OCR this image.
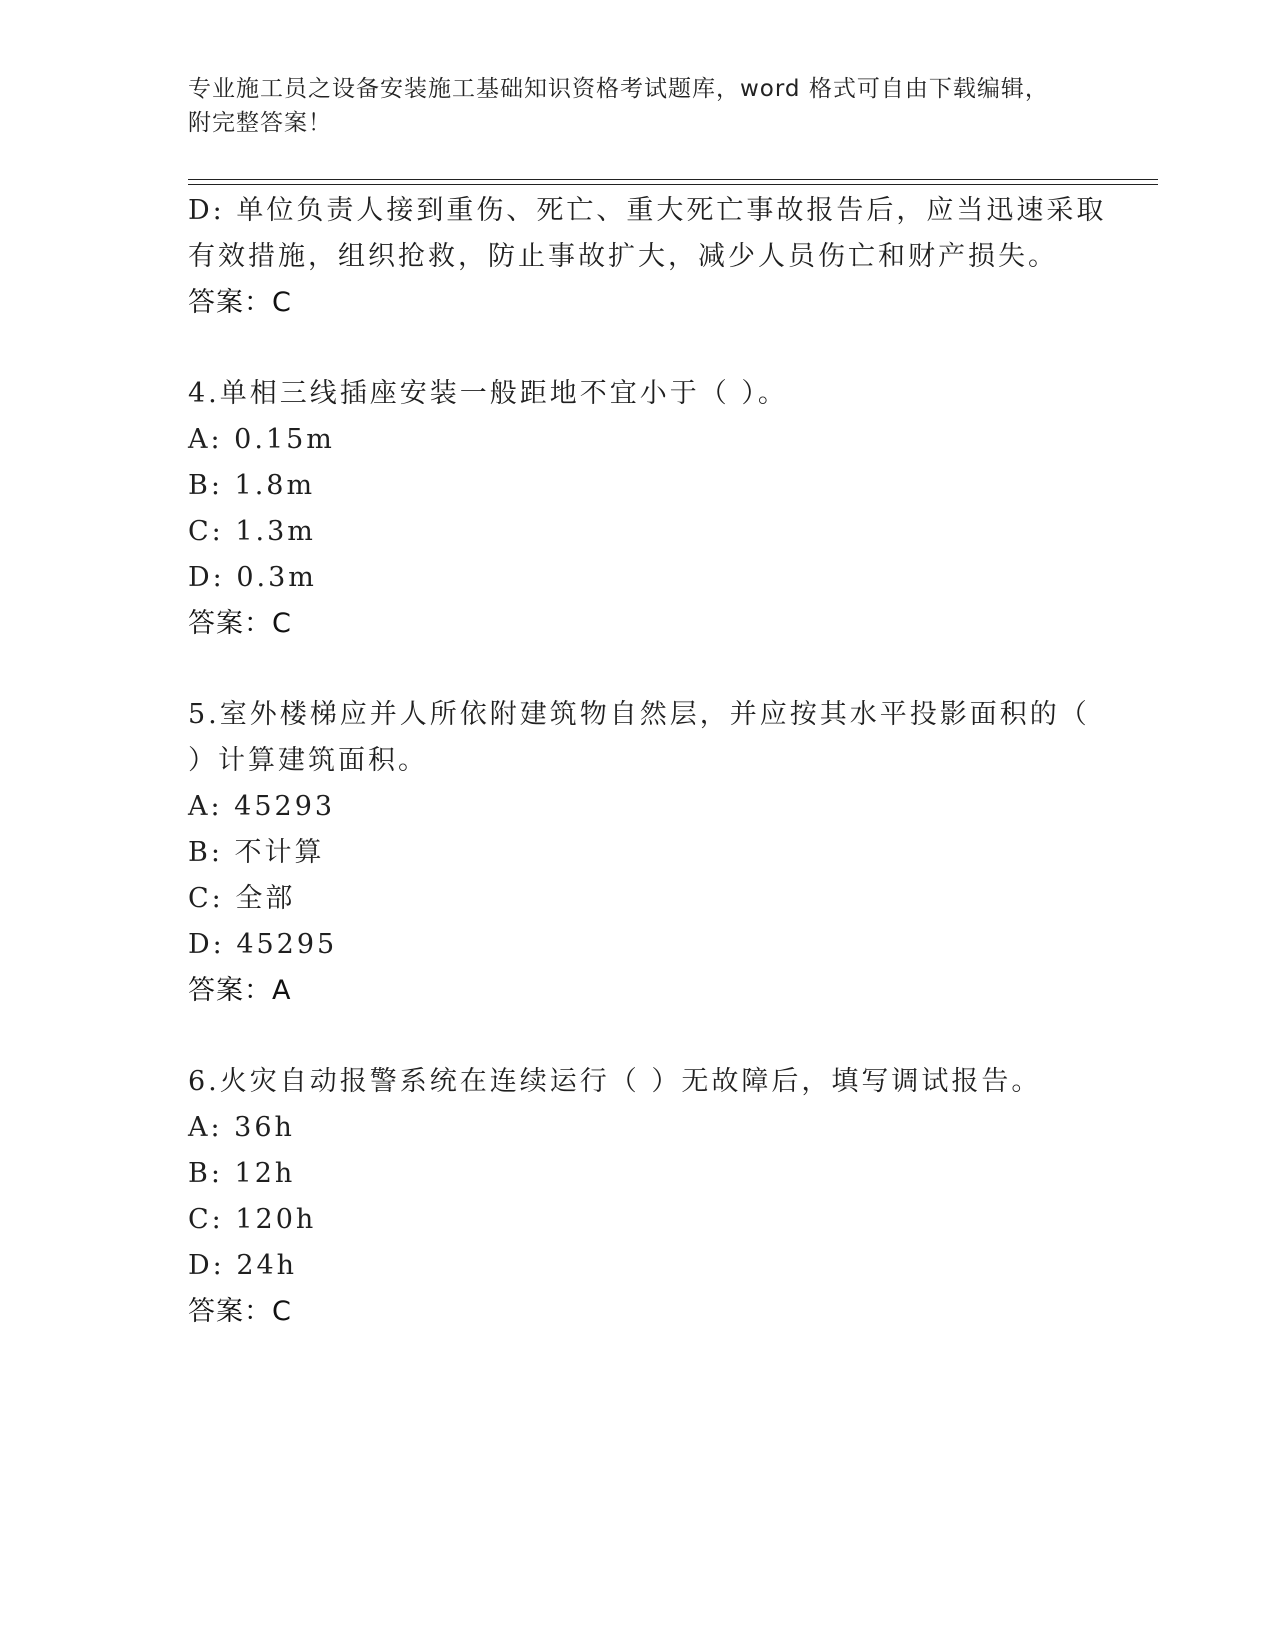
专业施工员之设备安装施工基础知识资格考试题库，word 格式可自由下载编辑，
附完整答案！
D: 单位负责人接到重伤、死亡、重大死亡事故报告后，应当迅速采取
有效措施，组织抢救，防止事故扩大，减少人员伤亡和财产损失。
答案：C
4.单相三线插座安装一般距地不宜小于（ ）。
A: 0.15m
B: 1.8m
C: 1.3m
D: 0.3m
答案：C
5.室外楼梯应并人所依附建筑物自然层，并应按其水平投影面积的（
）计算建筑面积。
A: 45293
B: 不计算
C: 全部
D: 45295
答案：A
6.火灾自动报警系统在连续运行（ ）无故障后，填写调试报告。
A: 36h
B: 12h
C: 120h
D: 24h
答案：C
